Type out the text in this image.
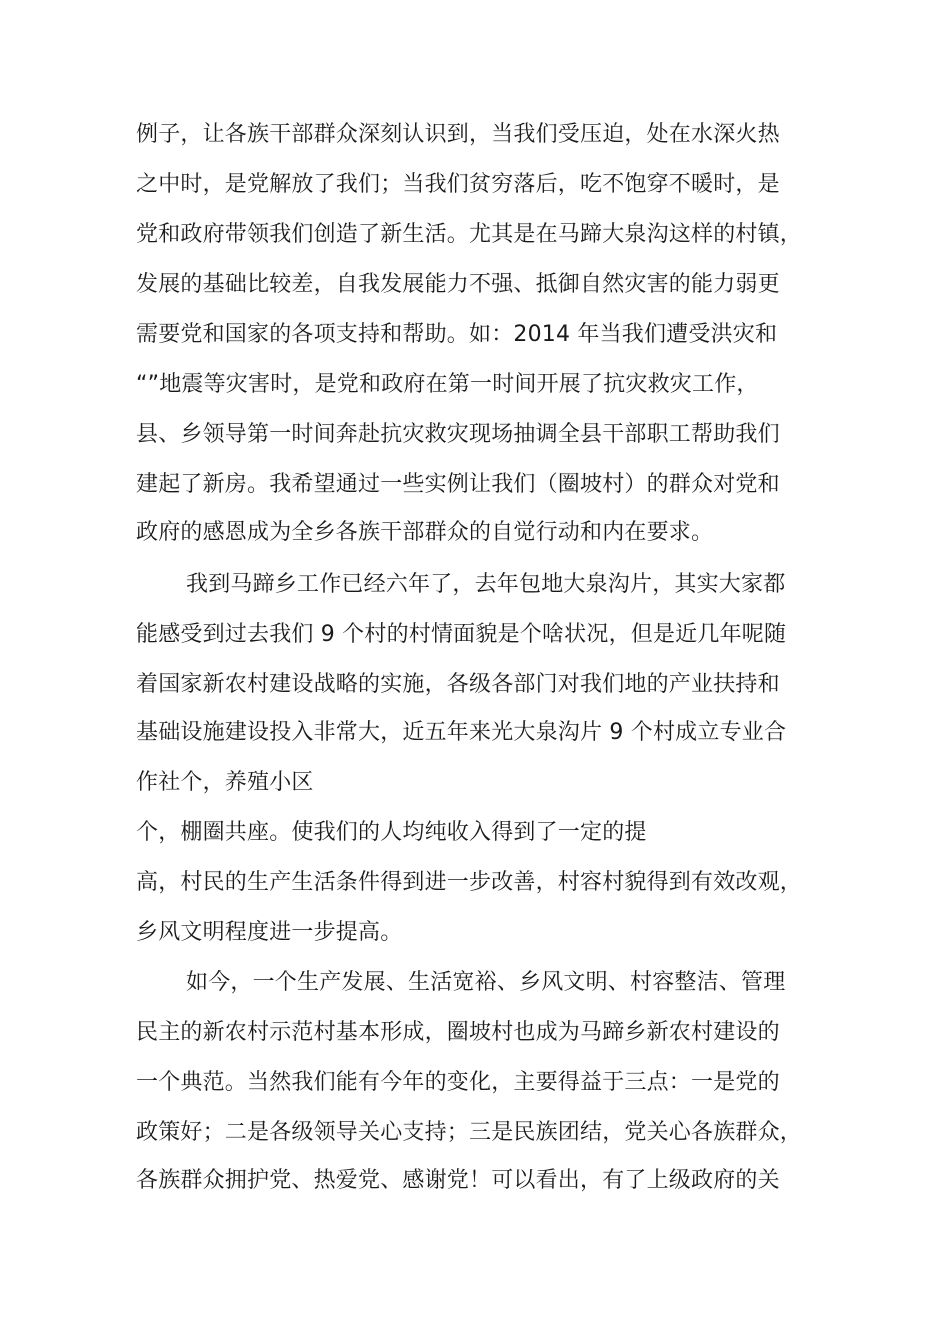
例子，让各族干部群众深刻认识到，当我们受压迫，处在水深火热
之中时，是党解放了我们；当我们贫穷落后，吃不饱穿不暖时，是
党和政府带领我们创造了新生活。尤其是在马蹄大泉沟这样的村镇，
发展的基础比较差，自我发展能力不强、抵御自然灾害的能力弱更
需要党和国家的各项支持和帮助。如：2014 年当我们遭受洪灾和
“”地震等灾害时，是党和政府在第一时间开展了抗灾救灾工作，
县、乡领导第一时间奔赴抗灾救灾现场抽调全县干部职工帮助我们
建起了新房。我希望通过一些实例让我们（圈坡村）的群众对党和
政府的感恩成为全乡各族干部群众的自觉行动和内在要求。
我到马蹄乡工作已经六年了，去年包地大泉沟片，其实大家都
能感受到过去我们 9 个村的村情面貌是个啥状况，但是近几年呢随
着国家新农村建设战略的实施，各级各部门对我们地的产业扶持和
基础设施建设投入非常大，近五年来光大泉沟片 9 个村成立专业合
作社个，养殖小区
个，棚圈共座。使我们的人均纯收入得到了一定的提
高，村民的生产生活条件得到进一步改善，村容村貌得到有效改观，
乡风文明程度进一步提高。
如今，一个生产发展、生活宽裕、乡风文明、村容整洁、管理
民主的新农村示范村基本形成，圈坡村也成为马蹄乡新农村建设的
一个典范。当然我们能有今年的变化，主要得益于三点：一是党的
政策好；二是各级领导关心支持；三是民族团结，党关心各族群众，
各族群众拥护党、热爱党、感谢党！可以看出，有了上级政府的关
